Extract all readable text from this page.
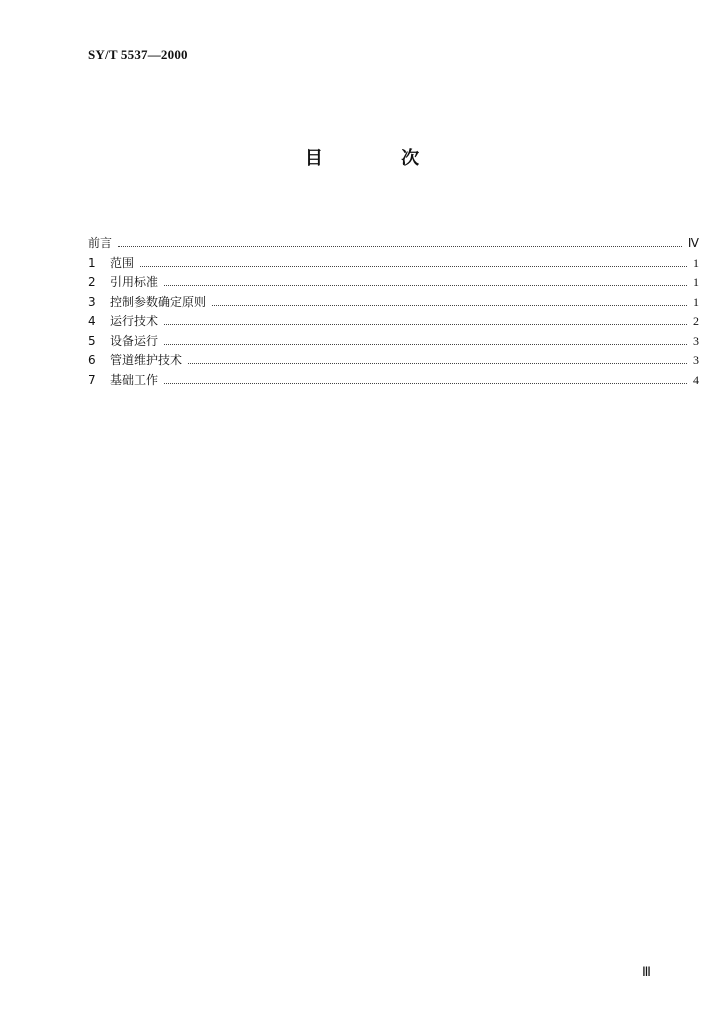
SY/T 5537—2000
目 次
前言	Ⅳ
1	范围	1
2	引用标准	1
3	控制参数确定原则	1
4	运行技术	2
5	设备运行	3
6	管道维护技术	3
7	基础工作	4
Ⅲ
